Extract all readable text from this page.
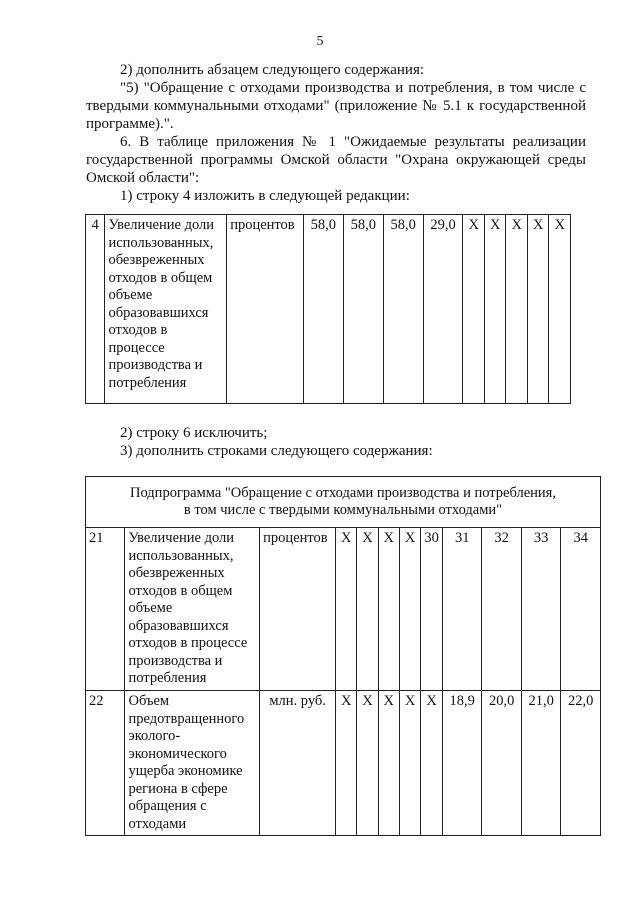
5
2) дополнить абзацем следующего содержания:
"5) "Обращение с отходами производства и потребления, в том числе с твердыми коммунальными отходами" (приложение № 5.1 к государственной программе).".
6. В таблице приложения № 1 "Ожидаемые результаты реализации государственной программы Омской области "Охрана окружающей среды Омской области":
1) строку 4 изложить в следующей редакции:
4	Увеличение доли использованных, обезвреженных отходов в общем объеме образовавшихся отходов в процессе производства и потребления	процентов	58,0	58,0	58,0	29,0	X	X	X	X	X
2) строку 6 исключить;
3) дополнить строками следующего содержания:
Подпрограмма "Обращение с отходами производства и потребления, в том числе с твердыми коммунальными отходами"											
21	Увеличение доли использованных, обезвреженных отходов в общем объеме образовавшихся отходов в процессе производства и потребления	процентов	X	X	X	X	30	31	32	33	34
22	Объем предотвращенного эколого-экономического ущерба экономике региона в сфере обращения с отходами	млн. руб.	X	X	X	X	X	18,9	20,0	21,0	22,0
